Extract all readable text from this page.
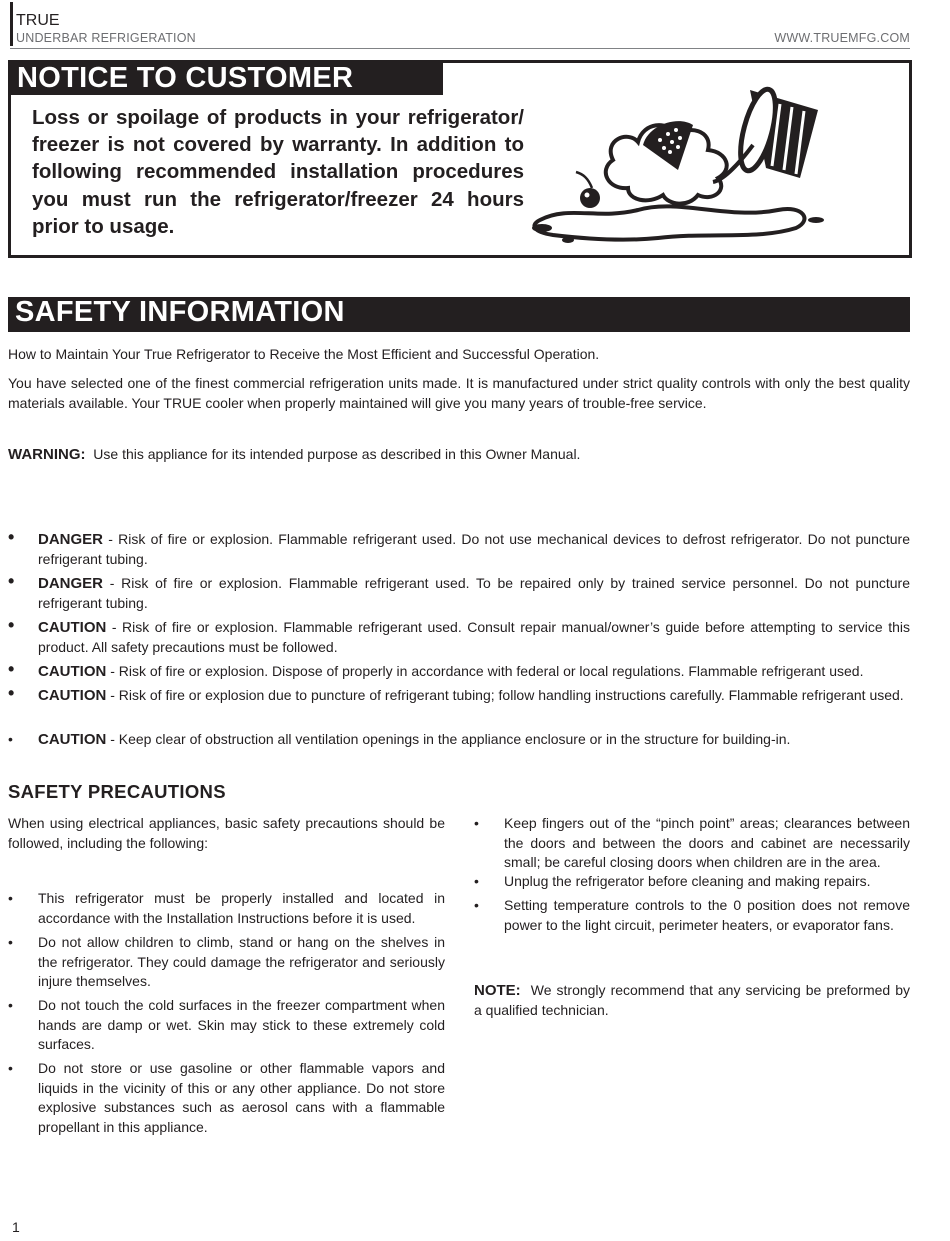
TRUE
UNDERBAR REFRIGERATION	WWW.TRUEMFG.COM
NOTICE TO CUSTOMER
Loss or spoilage of products in your refrigerator/ freezer is not covered by warranty. In addition to following recommended installation procedures you must run the refrigerator/freezer 24 hours prior to usage.
SAFETY INFORMATION
How to Maintain Your True Refrigerator to Receive the Most Efficient and Successful Operation.
You have selected one of the finest commercial refrigeration units made. It is manufactured under strict quality controls with only the best quality materials available. Your TRUE cooler when properly maintained will give you many years of trouble-free service.
WARNING: Use this appliance for its intended purpose as described in this Owner Manual.
• DANGER - Risk of fire or explosion. Flammable refrigerant used. Do not use mechanical devices to defrost refrigerator. Do not puncture refrigerant tubing.
• DANGER - Risk of fire or explosion. Flammable refrigerant used. To be repaired only by trained service personnel. Do not puncture refrigerant tubing.
• CAUTION - Risk of fire or explosion. Flammable refrigerant used. Consult repair manual/owner’s guide before attempting to service this product. All safety precautions must be followed.
• CAUTION - Risk of fire or explosion. Dispose of properly in accordance with federal or local regulations. Flammable refrigerant used.
• CAUTION - Risk of fire or explosion due to puncture of refrigerant tubing; follow handling instructions carefully. Flammable refrigerant used.
• CAUTION - Keep clear of obstruction all ventilation openings in the appliance enclosure or in the structure for building-in.
SAFETY PRECAUTIONS
When using electrical appliances, basic safety precautions should be followed, including the following:
• This refrigerator must be properly installed and located in accordance with the Installation Instructions before it is used.
• Do not allow children to climb, stand or hang on the shelves in the refrigerator. They could damage the refrigerator and seriously injure themselves.
• Do not touch the cold surfaces in the freezer compartment when hands are damp or wet. Skin may stick to these extremely cold surfaces.
• Do not store or use gasoline or other flammable vapors and liquids in the vicinity of this or any other appliance. Do not store explosive substances such as aerosol cans with a flammable propellant in this appliance.
• Keep fingers out of the “pinch point” areas; clearances between the doors and between the doors and cabinet are necessarily small; be careful closing doors when children are in the area.
• Unplug the refrigerator before cleaning and making repairs.
• Setting temperature controls to the 0 position does not remove power to the light circuit, perimeter heaters, or evaporator fans.
NOTE: We strongly recommend that any servicing be preformed by a qualified technician.
1
